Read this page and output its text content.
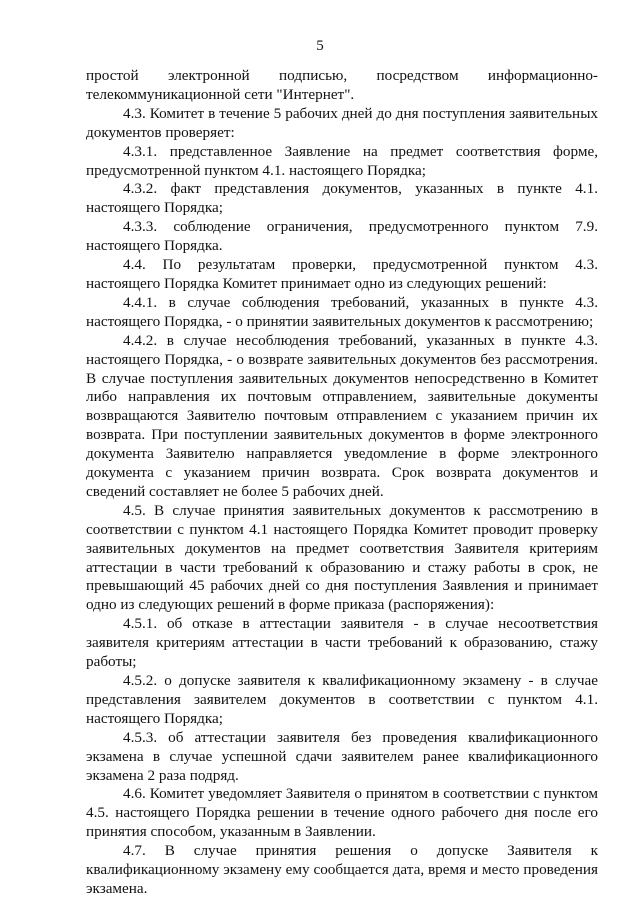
5

простой электронной подписью, посредством информационно-телекоммуникационной сети "Интернет".

4.3. Комитет в течение 5 рабочих дней до дня поступления заявительных документов проверяет:

4.3.1. представленное Заявление на предмет соответствия форме, предусмотренной пунктом 4.1. настоящего Порядка;

4.3.2. факт представления документов, указанных в пункте 4.1. настоящего Порядка;

4.3.3. соблюдение ограничения, предусмотренного пунктом 7.9. настоящего Порядка.

4.4. По результатам проверки, предусмотренной пунктом 4.3. настоящего Порядка Комитет принимает одно из следующих решений:

4.4.1. в случае соблюдения требований, указанных в пункте 4.3. настоящего Порядка, - о принятии заявительных документов к рассмотрению;

4.4.2. в случае несоблюдения требований, указанных в пункте 4.3. настоящего Порядка, - о возврате заявительных документов без рассмотрения. В случае поступления заявительных документов непосредственно в Комитет либо направления их почтовым отправлением, заявительные документы возвращаются Заявителю почтовым отправлением с указанием причин их возврата. При поступлении заявительных документов в форме электронного документа Заявителю направляется уведомление в форме электронного документа с указанием причин возврата. Срок возврата документов и сведений составляет не более 5 рабочих дней.

4.5. В случае принятия заявительных документов к рассмотрению в соответствии с пунктом 4.1 настоящего Порядка Комитет проводит проверку заявительных документов на предмет соответствия Заявителя критериям аттестации в части требований к образованию и стажу работы в срок, не превышающий 45 рабочих дней со дня поступления Заявления и принимает одно из следующих решений в форме приказа (распоряжения):

4.5.1. об отказе в аттестации заявителя - в случае несоответствия заявителя критериям аттестации в части требований к образованию, стажу работы;

4.5.2. о допуске заявителя к квалификационному экзамену - в случае представления заявителем документов в соответствии с пунктом 4.1. настоящего Порядка;

4.5.3. об аттестации заявителя без проведения квалификационного экзамена в случае успешной сдачи заявителем ранее квалификационного экзамена 2 раза подряд.

4.6. Комитет уведомляет Заявителя о принятом в соответствии с пунктом 4.5. настоящего Порядка решении в течение одного рабочего дня после его принятия способом, указанным в Заявлении.

4.7. В случае принятия решения о допуске Заявителя к квалификационному экзамену ему сообщается дата, время и место проведения экзамена.
